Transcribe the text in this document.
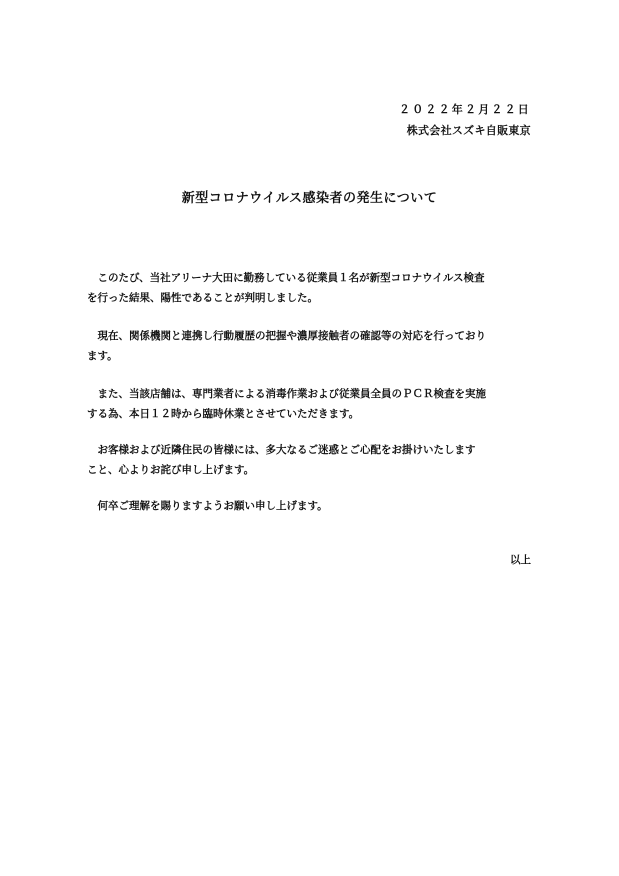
２０２２年２月２２日
株式会社スズキ自販東京
新型コロナウイルス感染者の発生について
　このたび、当社アリーナ大田に勤務している従業員１名が新型コロナウイルス検査
を行った結果、陽性であることが判明しました。
　現在、関係機関と連携し行動履歴の把握や濃厚接触者の確認等の対応を行っており
ます。
　また、当該店舗は、専門業者による消毒作業および従業員全員のＰＣＲ検査を実施
する為、本日１２時から臨時休業とさせていただきます。
　お客様および近隣住民の皆様には、多大なるご迷惑とご心配をお掛けいたします
こと、心よりお詫び申し上げます。
　何卒ご理解を賜りますようお願い申し上げます。
以上
